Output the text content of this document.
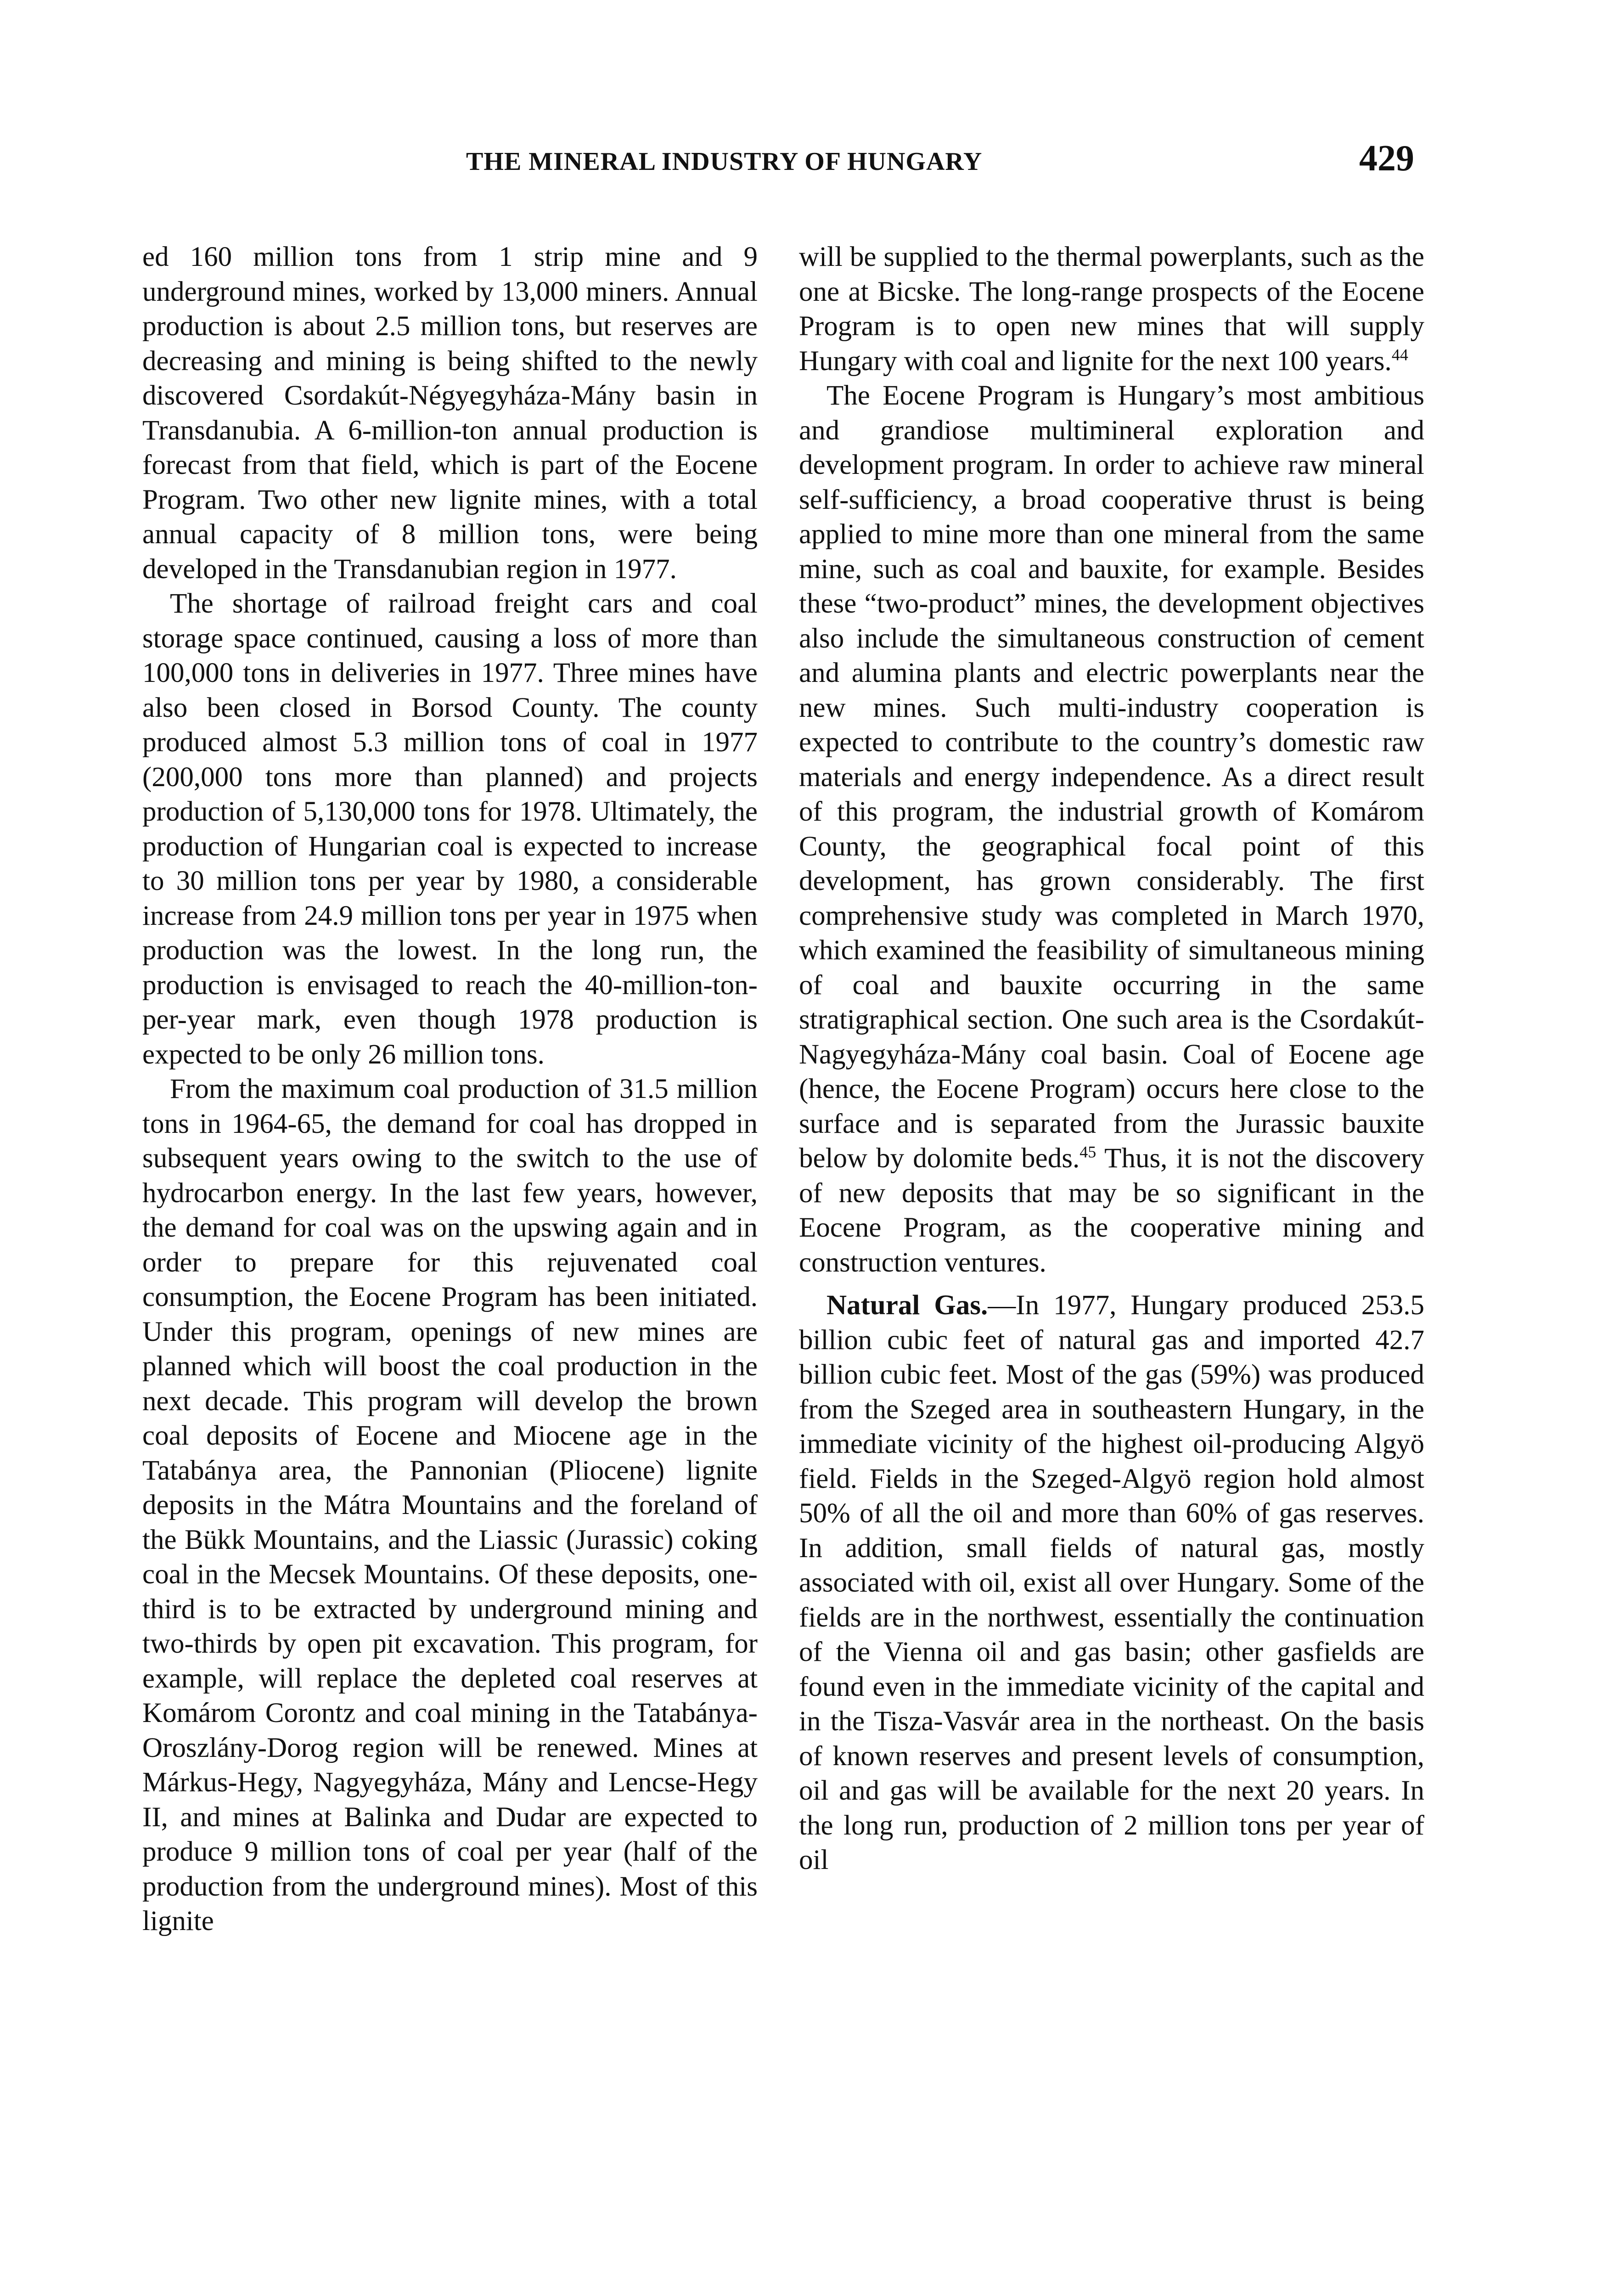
THE MINERAL INDUSTRY OF HUNGARY	429

ed 160 million tons from 1 strip mine and 9 underground mines, worked by 13,000 miners. Annual production is about 2.5 million tons, but reserves are decreasing and mining is being shifted to the newly discovered Csordakút-Négyegyháza-Mány basin in Transdanubia. A 6-million-ton annual production is forecast from that field, which is part of the Eocene Program. Two other new lignite mines, with a total annual capacity of 8 million tons, were being developed in the Transdanubian region in 1977.

The shortage of railroad freight cars and coal storage space continued, causing a loss of more than 100,000 tons in deliveries in 1977. Three mines have also been closed in Borsod County. The county produced almost 5.3 million tons of coal in 1977 (200,000 tons more than planned) and projects production of 5,130,000 tons for 1978. Ultimately, the production of Hungarian coal is expected to increase to 30 million tons per year by 1980, a considerable increase from 24.9 million tons per year in 1975 when production was the lowest. In the long run, the production is envisaged to reach the 40-million-ton-per-year mark, even though 1978 production is expected to be only 26 million tons.

From the maximum coal production of 31.5 million tons in 1964-65, the demand for coal has dropped in subsequent years owing to the switch to the use of hydrocarbon energy. In the last few years, however, the demand for coal was on the upswing again and in order to prepare for this rejuvenated coal consumption, the Eocene Program has been initiated. Under this program, openings of new mines are planned which will boost the coal production in the next decade. This program will develop the brown coal deposits of Eocene and Miocene age in the Tatabánya area, the Pannonian (Pliocene) lignite deposits in the Mátra Mountains and the foreland of the Bükk Mountains, and the Liassic (Jurassic) coking coal in the Mecsek Mountains. Of these deposits, one-third is to be extracted by underground mining and two-thirds by open pit excavation. This program, for example, will replace the depleted coal reserves at Komárom Corontz and coal mining in the Tatabánya-Oroszlány-Dorog region will be renewed. Mines at Márkus-Hegy, Nagyegyháza, Mány and Lencse-Hegy II, and mines at Balinka and Dudar are expected to produce 9 million tons of coal per year (half of the production from the underground mines). Most of this lignite

will be supplied to the thermal powerplants, such as the one at Bicske. The long-range prospects of the Eocene Program is to open new mines that will supply Hungary with coal and lignite for the next 100 years.$^{44}$

The Eocene Program is Hungary’s most ambitious and grandiose multimineral exploration and development program. In order to achieve raw mineral self-sufficiency, a broad cooperative thrust is being applied to mine more than one mineral from the same mine, such as coal and bauxite, for example. Besides these “two-product” mines, the development objectives also include the simultaneous construction of cement and alumina plants and electric powerplants near the new mines. Such multi-industry cooperation is expected to contribute to the country’s domestic raw materials and energy independence. As a direct result of this program, the industrial growth of Komárom County, the geographical focal point of this development, has grown considerably. The first comprehensive study was completed in March 1970, which examined the feasibility of simultaneous mining of coal and bauxite occurring in the same stratigraphical section. One such area is the Csordakút-Nagyegyháza-Mány coal basin. Coal of Eocene age (hence, the Eocene Program) occurs here close to the surface and is separated from the Jurassic bauxite below by dolomite beds.$^{45}$ Thus, it is not the discovery of new deposits that may be so significant in the Eocene Program, as the cooperative mining and construction ventures.

Natural Gas.—In 1977, Hungary produced 253.5 billion cubic feet of natural gas and imported 42.7 billion cubic feet. Most of the gas (59%) was produced from the Szeged area in southeastern Hungary, in the immediate vicinity of the highest oil-producing Algyö field. Fields in the Szeged-Algyö region hold almost 50% of all the oil and more than 60% of gas reserves. In addition, small fields of natural gas, mostly associated with oil, exist all over Hungary. Some of the fields are in the northwest, essentially the continuation of the Vienna oil and gas basin; other gasfields are found even in the immediate vicinity of the capital and in the Tisza-Vasvár area in the northeast. On the basis of known reserves and present levels of consumption, oil and gas will be available for the next 20 years. In the long run, production of 2 million tons per year of oil
